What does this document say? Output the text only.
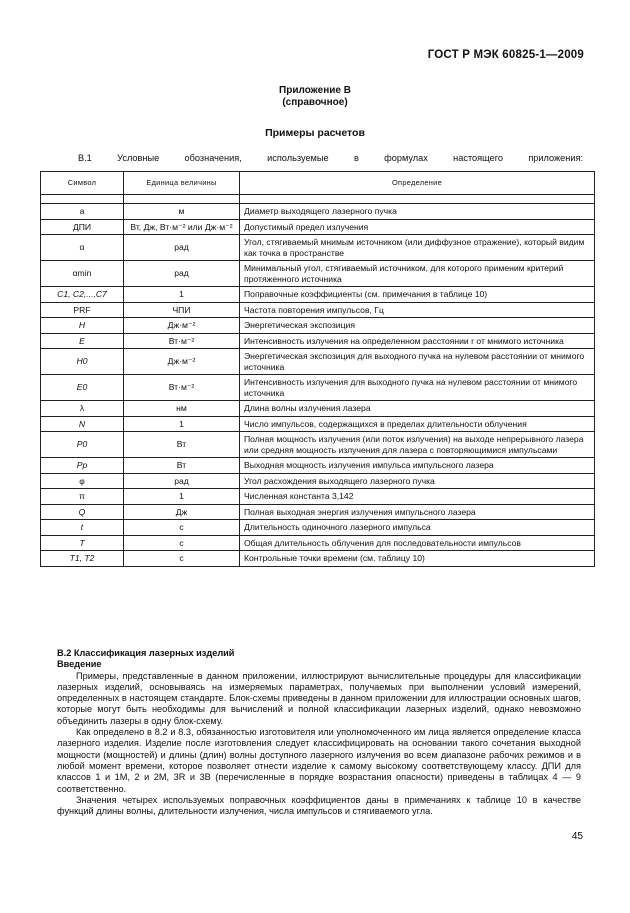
ГОСТ Р МЭК 60825-1—2009
Приложение В
(справочное)
Примеры расчетов
В.1 Условные обозначения, используемые в формулах настоящего приложения:
Символ	Единица величины	Определение

a	м	Диаметр выходящего лазерного пучка
ДПИ	Вт, Дж, Вт·м⁻² или Дж·м⁻²	Допустимый предел излучения
α	рад	Угол, стягиваемый мнимым источником (или диффузное отражение), который видим как точка в пространстве
αmin	рад	Минимальный угол, стягиваемый источником, для которого применим критерий протяженного источника
C1, C2,...,C7	1	Поправочные коэффициенты (см. примечания в таблице 10)
PRF	ЧПИ	Частота повторения импульсов, Гц
H	Дж·м⁻²	Энергетическая экспозиция
E	Вт·м⁻²	Интенсивность излучения на определенном расстоянии r от мнимого источника
H0	Дж·м⁻²	Энергетическая экспозиция для выходного пучка на нулевом расстоянии от мнимого источника
E0	Вт·м⁻²	Интенсивность излучения для выходного пучка на нулевом расстоянии от мнимого источника
λ	нм	Длина волны излучения лазера
N	1	Число импульсов, содержащихся в пределах длительности облучения
P0	Вт	Полная мощность излучения (или поток излучения) на выходе непрерывного лазера или средняя мощность излучения для лазера с повторяющимися импульсами
Pp	Вт	Выходная мощность излучения импульса импульсного лазера
φ	рад	Угол расхождения выходящего лазерного пучка
π	1	Численная константа 3,142
Q	Дж	Полная выходная энергия излучения импульсного лазера
t	с	Длительность одиночного лазерного импульса
T	с	Общая длительность облучения для последовательности импульсов
T1, T2	с	Контрольные точки времени (см. таблицу 10)
В.2 Классификация лазерных изделий
Введение

Примеры, представленные в данном приложении, иллюстрируют вычислительные процедуры для классификации лазерных изделий, основываясь на измеряемых параметрах, получаемых при выполнении условий измерений, определенных в настоящем стандарте. Блок-схемы приведены в данном приложении для иллюстрации основных шагов, которые могут быть необходимы для вычислений и полной классификации лазерных изделий, однако невозможно объединить лазеры в одну блок-схему.

Как определено в 8.2 и 8.3, обязанностью изготовителя или уполномоченного им лица является определение класса лазерного изделия. Изделие после изготовления следует классифицировать на основании такого сочетания выходной мощности (мощностей) и длины (длин) волны доступного лазерного излучения во всем диапазоне рабочих режимов и в любой момент времени, которое позволяет отнести изделие к самому высокому соответствующему классу. ДПИ для классов 1 и 1М, 2 и 2М, 3R и 3В (перечисленные в порядке возрастания опасности) приведены в таблицах 4 — 9 соответственно.

Значения четырех используемых поправочных коэффициентов даны в примечаниях к таблице 10 в качестве функций длины волны, длительности излучения, числа импульсов и стягиваемого угла.

45
